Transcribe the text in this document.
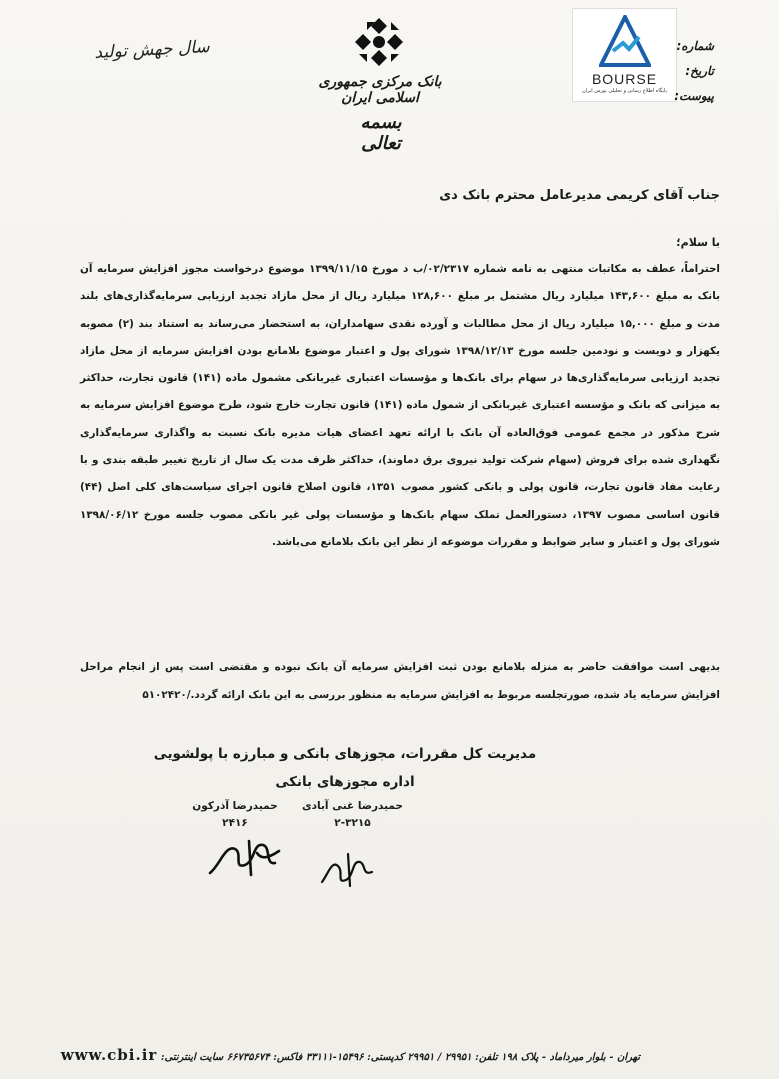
سال جهش تولید
بانک مرکزی جمهوری اسلامی ایران
بسمه تعالی
BOURSE
پایگاه اطلاع رسانی و تحلیلی بورس ایران
شماره:
تاریخ:
پیوست:
جناب آقای کریمی مدیرعامل محترم بانک دی
با سلام؛
احتراماً، عطف به مکاتبات منتهی به نامه شماره ۰۲/۲۳۱۷/ب د مورخ ۱۳۹۹/۱۱/۱۵ موضوع درخواست مجوز افزایش سرمایه آن بانک به مبلغ ۱۴۳,۶۰۰ میلیارد ریال مشتمل بر مبلغ ۱۲۸,۶۰۰ میلیارد ریال از محل مازاد تجدید ارزیابی سرمایه‌گذاری‌های بلند مدت و مبلغ ۱۵,۰۰۰ میلیارد ریال از محل مطالبات و آورده نقدی سهامداران، به استحضار می‌رساند به استناد بند (۲) مصوبه یکهزار و دویست و نودمین جلسه مورخ ۱۳۹۸/۱۲/۱۳ شورای پول و اعتبار موضوع بلامانع بودن افزایش سرمایه از محل مازاد تجدید ارزیابی سرمایه‌گذاری‌ها در سهام برای بانک‌ها و مؤسسات اعتباری غیربانکی مشمول ماده (۱۴۱) قانون تجارت، حداکثر به میزانی که بانک و مؤسسه اعتباری غیربانکی از شمول ماده (۱۴۱) قانون تجارت خارج شود، طرح موضوع افزایش سرمایه به شرح مذکور در مجمع عمومی فوق‌العاده آن بانک با ارائه تعهد اعضای هیات مدیره بانک نسبت به واگذاری سرمایه‌گذاری نگهداری شده برای فروش (سهام شرکت تولید نیروی برق دماوند)، حداکثر ظرف مدت یک سال از تاریخ تغییر طبقه بندی و با رعایت مفاد قانون تجارت، قانون پولی و بانکی کشور مصوب ۱۳۵۱، قانون اصلاح قانون اجرای سیاست‌های کلی اصل (۴۴) قانون اساسی مصوب ۱۳۹۷، دستورالعمل تملک سهام بانک‌ها و مؤسسات پولی غیر بانکی مصوب جلسه مورخ ۱۳۹۸/۰۶/۱۲ شورای پول و اعتبار و سایر ضوابط و مقررات موضوعه از نظر این بانک بلامانع می‌باشد.
بدیهی است موافقت حاضر به منزله بلامانع بودن ثبت افزایش سرمایه آن بانک نبوده و مقتضی است پس از انجام مراحل افزایش سرمایه یاد شده، صورتجلسه مربوط به افزایش سرمایه به منظور بررسی به این بانک ارائه گردد./۵۱۰۲۴۲۰
مدیریت کل مقررات، مجوزهای بانکی و مبارزه با پولشویی
اداره مجوزهای بانکی
حمیدرضا آذرکون
۲۴۱۶
حمیدرضا غنی آبادی
۲-۳۲۱۵
تهران - بلوار میرداماد - پلاک ۱۹۸ تلفن: ۲۹۹۵۱ / ۲۹۹۵۱ کدپستی: ۱۵۴۹۶-۳۳۱۱۱ فاکس: ۶۶۷۳۵۶۷۴ سایت اینترنتی: www.cbi.ir
